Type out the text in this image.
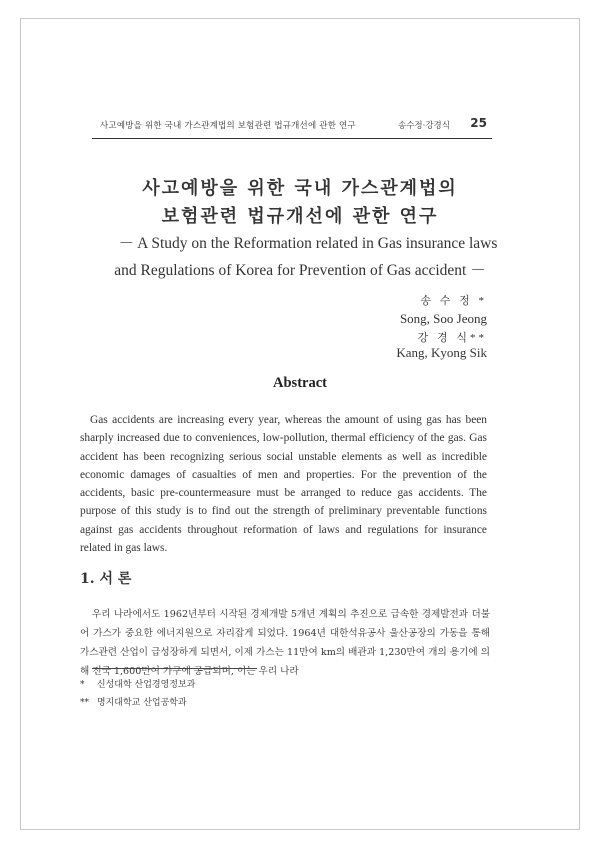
사고예방을 위한 국내 가스관계법의 보험관련 법규개선에 관한 연구	송수정·강경식 25
사고예방을 위한 국내 가스관계법의
보험관련 법규개선에 관한 연구
－ A Study on the Reformation related in Gas insurance laws
and Regulations of Korea for Prevention of Gas accident －
송 수 정 *
Song, Soo Jeong
강 경 식**
Kang, Kyong Sik
Abstract

Gas accidents are increasing every year, whereas the amount of using gas has been sharply increased due to conveniences, low-pollution, thermal efficiency of the gas. Gas accident has been recognizing serious social unstable elements as well as incredible economic damages of casualties of men and properties. For the prevention of the accidents, basic pre-countermeasure must be arranged to reduce gas accidents. The purpose of this study is to find out the strength of preliminary preventable functions against gas accidents throughout reformation of laws and regulations for insurance related in gas laws.

1. 서 론

우리 나라에서도 1962년부터 시작된 경제개발 5개년 계획의 추진으로 급속한 경제발전과 더불어 가스가 중요한 에너지원으로 자리잡게 되었다. 1964년 대한석유공사 울산공장의 가동을 통해 가스관련 산업이 급성장하게 되면서, 이제 가스는 11만여 km의 배관과 1,230만여 개의 용기에 의해 전국 1,600만여 가구에 공급되며, 이는 우리 나라

* 신성대학 산업경영정보과
** 명지대학교 산업공학과
